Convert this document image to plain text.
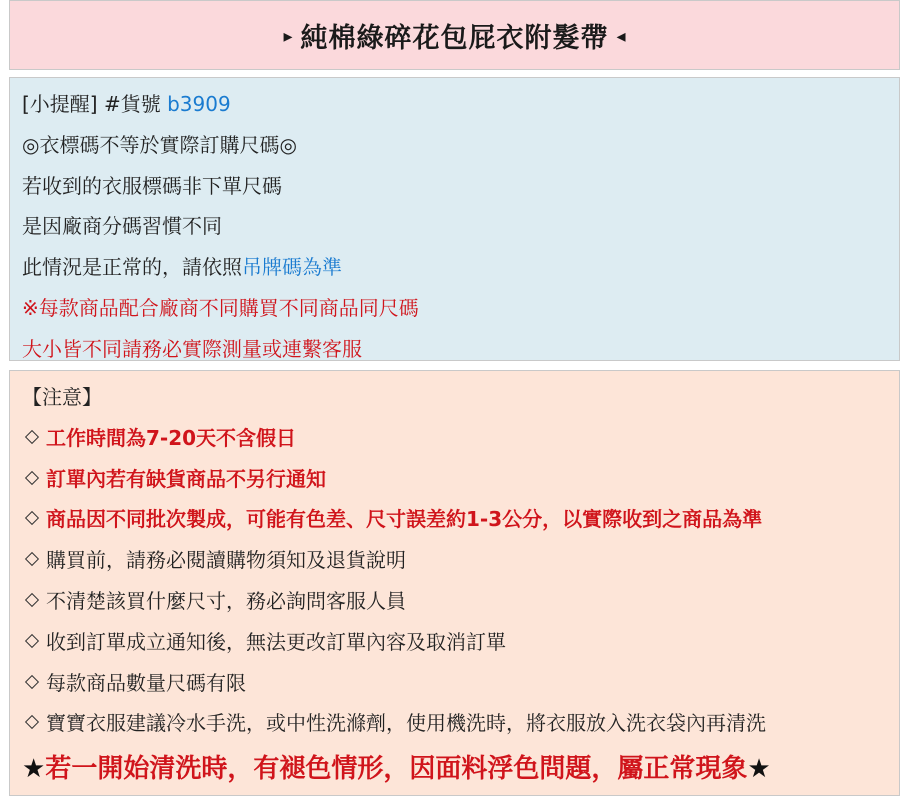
▸ 純棉綠碎花包屁衣附髮帶 ◂
[小提醒] #貨號 b3909
◎衣標碼不等於實際訂購尺碼◎
若收到的衣服標碼非下單尺碼
是因廠商分碼習慣不同
此情況是正常的，請依照吊牌碼為準
※每款商品配合廠商不同購買不同商品同尺碼
大小皆不同請務必實際測量或連繫客服
【注意】
工作時間為7-20天不含假日
訂單內若有缺貨商品不另行通知
商品因不同批次製成，可能有色差、尺寸誤差約1-3公分，以實際收到之商品為準
購買前，請務必閱讀購物須知及退貨說明
不清楚該買什麼尺寸，務必詢問客服人員
收到訂單成立通知後，無法更改訂單內容及取消訂單
每款商品數量尺碼有限
寶寶衣服建議冷水手洗，或中性洗滌劑，使用機洗時，將衣服放入洗衣袋內再清洗
★若一開始清洗時，有褪色情形，因面料浮色問題，屬正常現象★
